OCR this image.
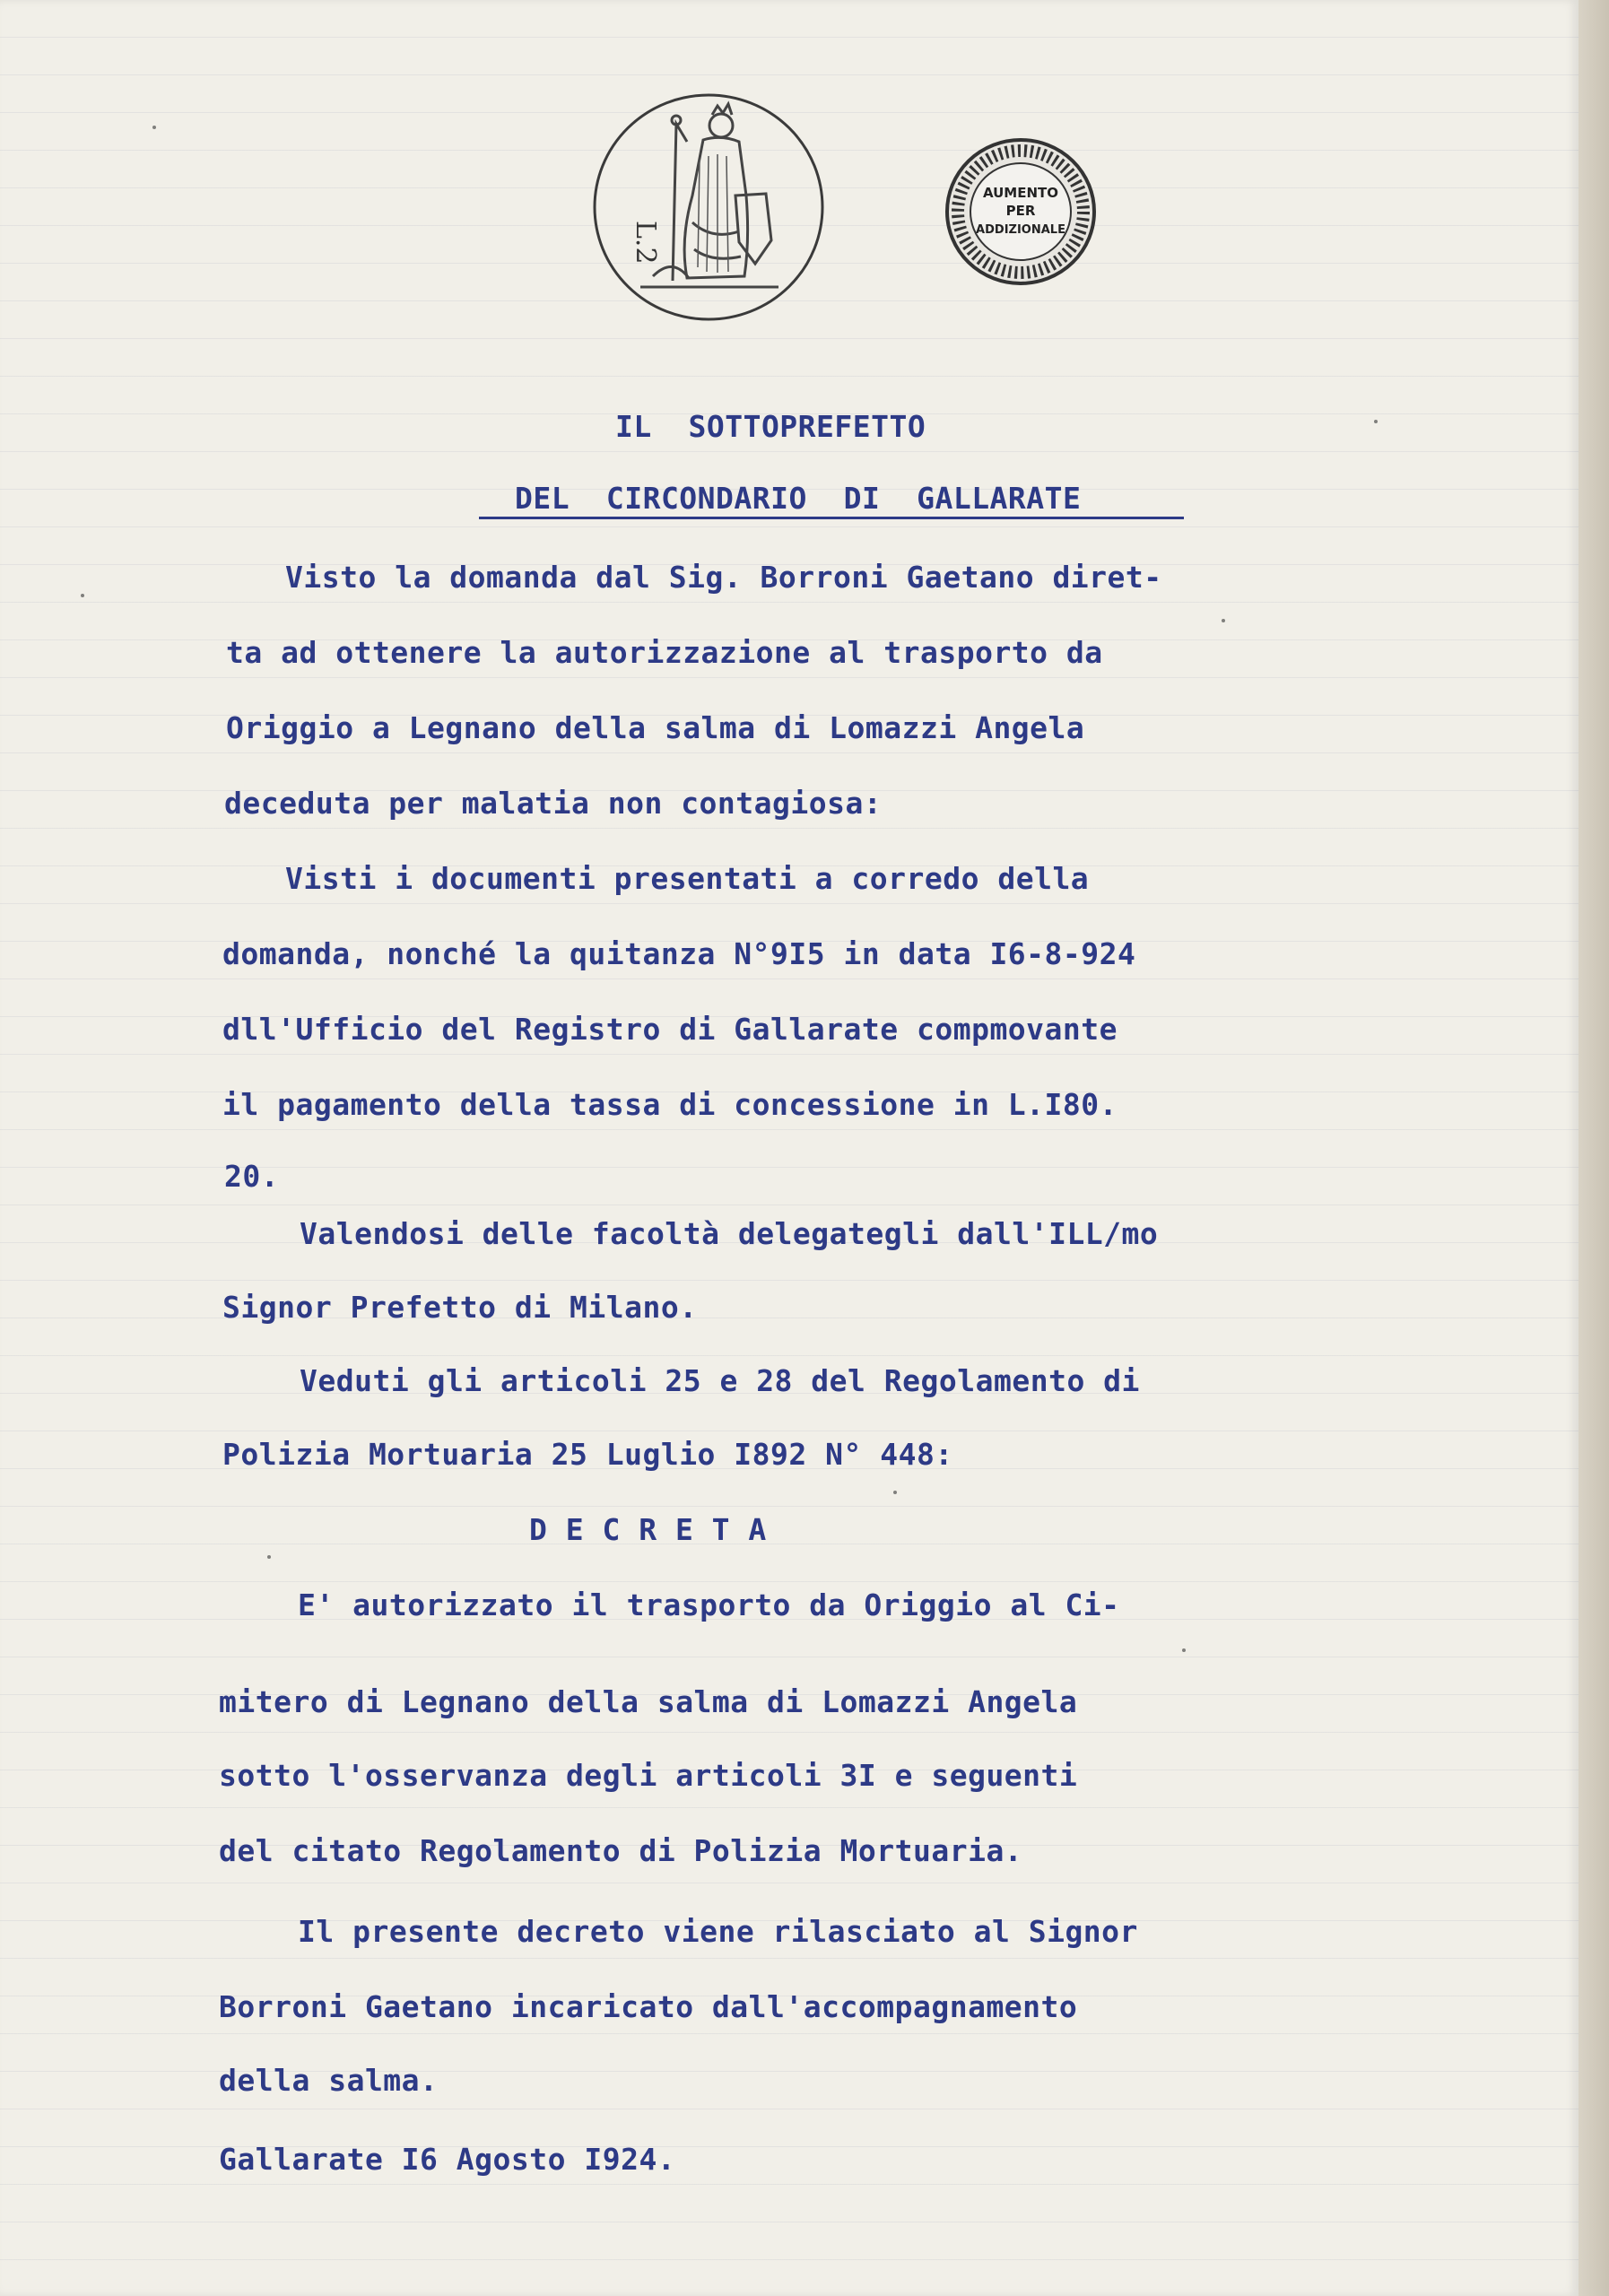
L.2
AUMENTO
PER
ADDIZIONALE
IL  SOTTOPREFETTO
DEL  CIRCONDARIO  DI  GALLARATE
Visto la domanda dal Sig. Borroni Gaetano diret-
ta ad ottenere la autorizzazione al trasporto da
Origgio a Legnano della salma di Lomazzi Angela
deceduta per malatia non contagiosa:
Visti i documenti presentati a corredo della
domanda, nonché la quitanza N°9I5 in data I6-8-924
dll'Ufficio del Registro di Gallarate compmovante
il pagamento della tassa di concessione in L.I80.
20.
Valendosi delle facoltà delegategli dall'ILL/mo
Signor Prefetto di Milano.
Veduti gli articoli 25 e 28 del Regolamento di
Polizia Mortuaria 25 Luglio I892 N° 448:
D E C R E T A
E' autorizzato il trasporto da Origgio al Ci-
mitero di Legnano della salma di Lomazzi Angela
sotto l'osservanza degli articoli 3I e seguenti
del citato Regolamento di Polizia Mortuaria.
Il presente decreto viene rilasciato al Signor
Borroni Gaetano incaricato dall'accompagnamento
della salma.
Gallarate I6 Agosto I924.
